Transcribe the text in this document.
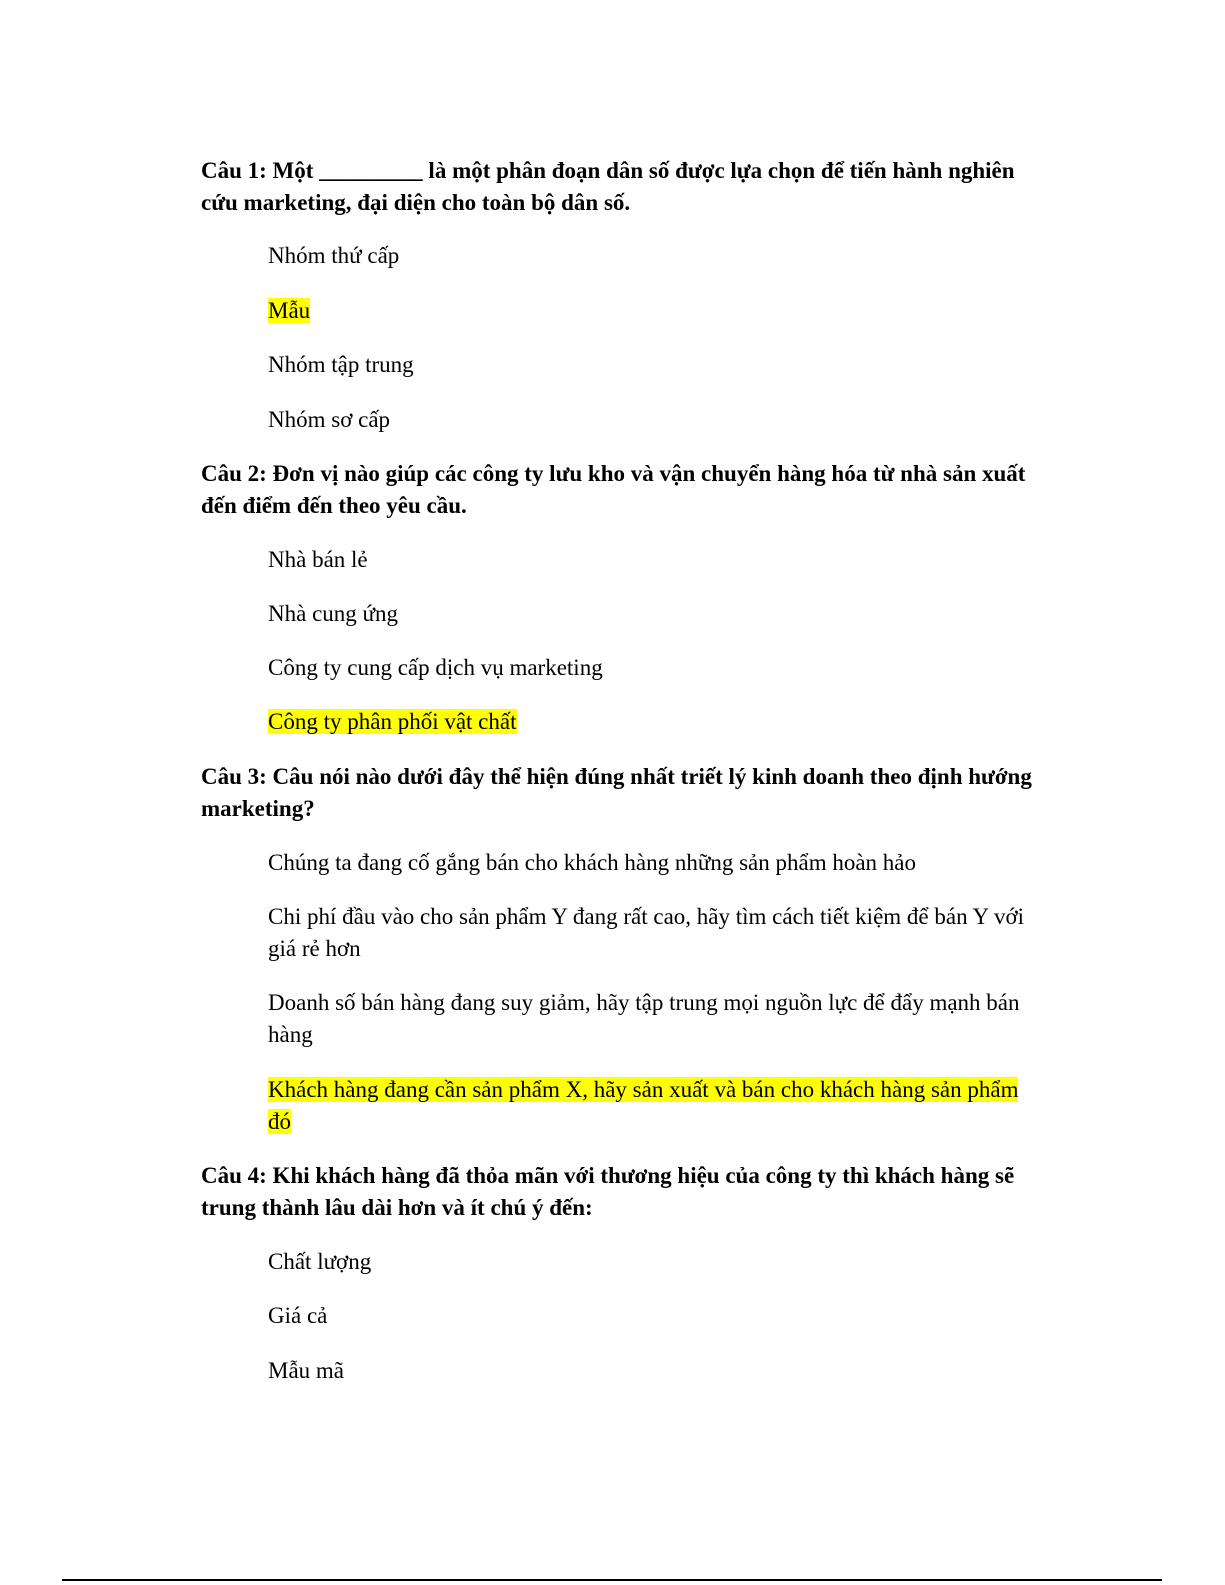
Câu 1: Một _________ là một phân đoạn dân số được lựa chọn để tiến hành nghiên cứu marketing, đại diện cho toàn bộ dân số.

Nhóm thứ cấp

Mẫu

Nhóm tập trung

Nhóm sơ cấp

Câu 2: Đơn vị nào giúp các công ty lưu kho và vận chuyển hàng hóa từ nhà sản xuất đến điểm đến theo yêu cầu.

Nhà bán lẻ

Nhà cung ứng

Công ty cung cấp dịch vụ marketing

Công ty phân phối vật chất

Câu 3: Câu nói nào dưới đây thể hiện đúng nhất triết lý kinh doanh theo định hướng marketing?

Chúng ta đang cố gắng bán cho khách hàng những sản phẩm hoàn hảo

Chi phí đầu vào cho sản phẩm Y đang rất cao, hãy tìm cách tiết kiệm để bán Y với giá rẻ hơn

Doanh số bán hàng đang suy giảm, hãy tập trung mọi nguồn lực để đẩy mạnh bán hàng

Khách hàng đang cần sản phẩm X, hãy sản xuất và bán cho khách hàng sản phẩm đó

Câu 4: Khi khách hàng đã thỏa mãn với thương hiệu của công ty thì khách hàng sẽ trung thành lâu dài hơn và ít chú ý đến:

Chất lượng

Giá cả

Mẫu mã
